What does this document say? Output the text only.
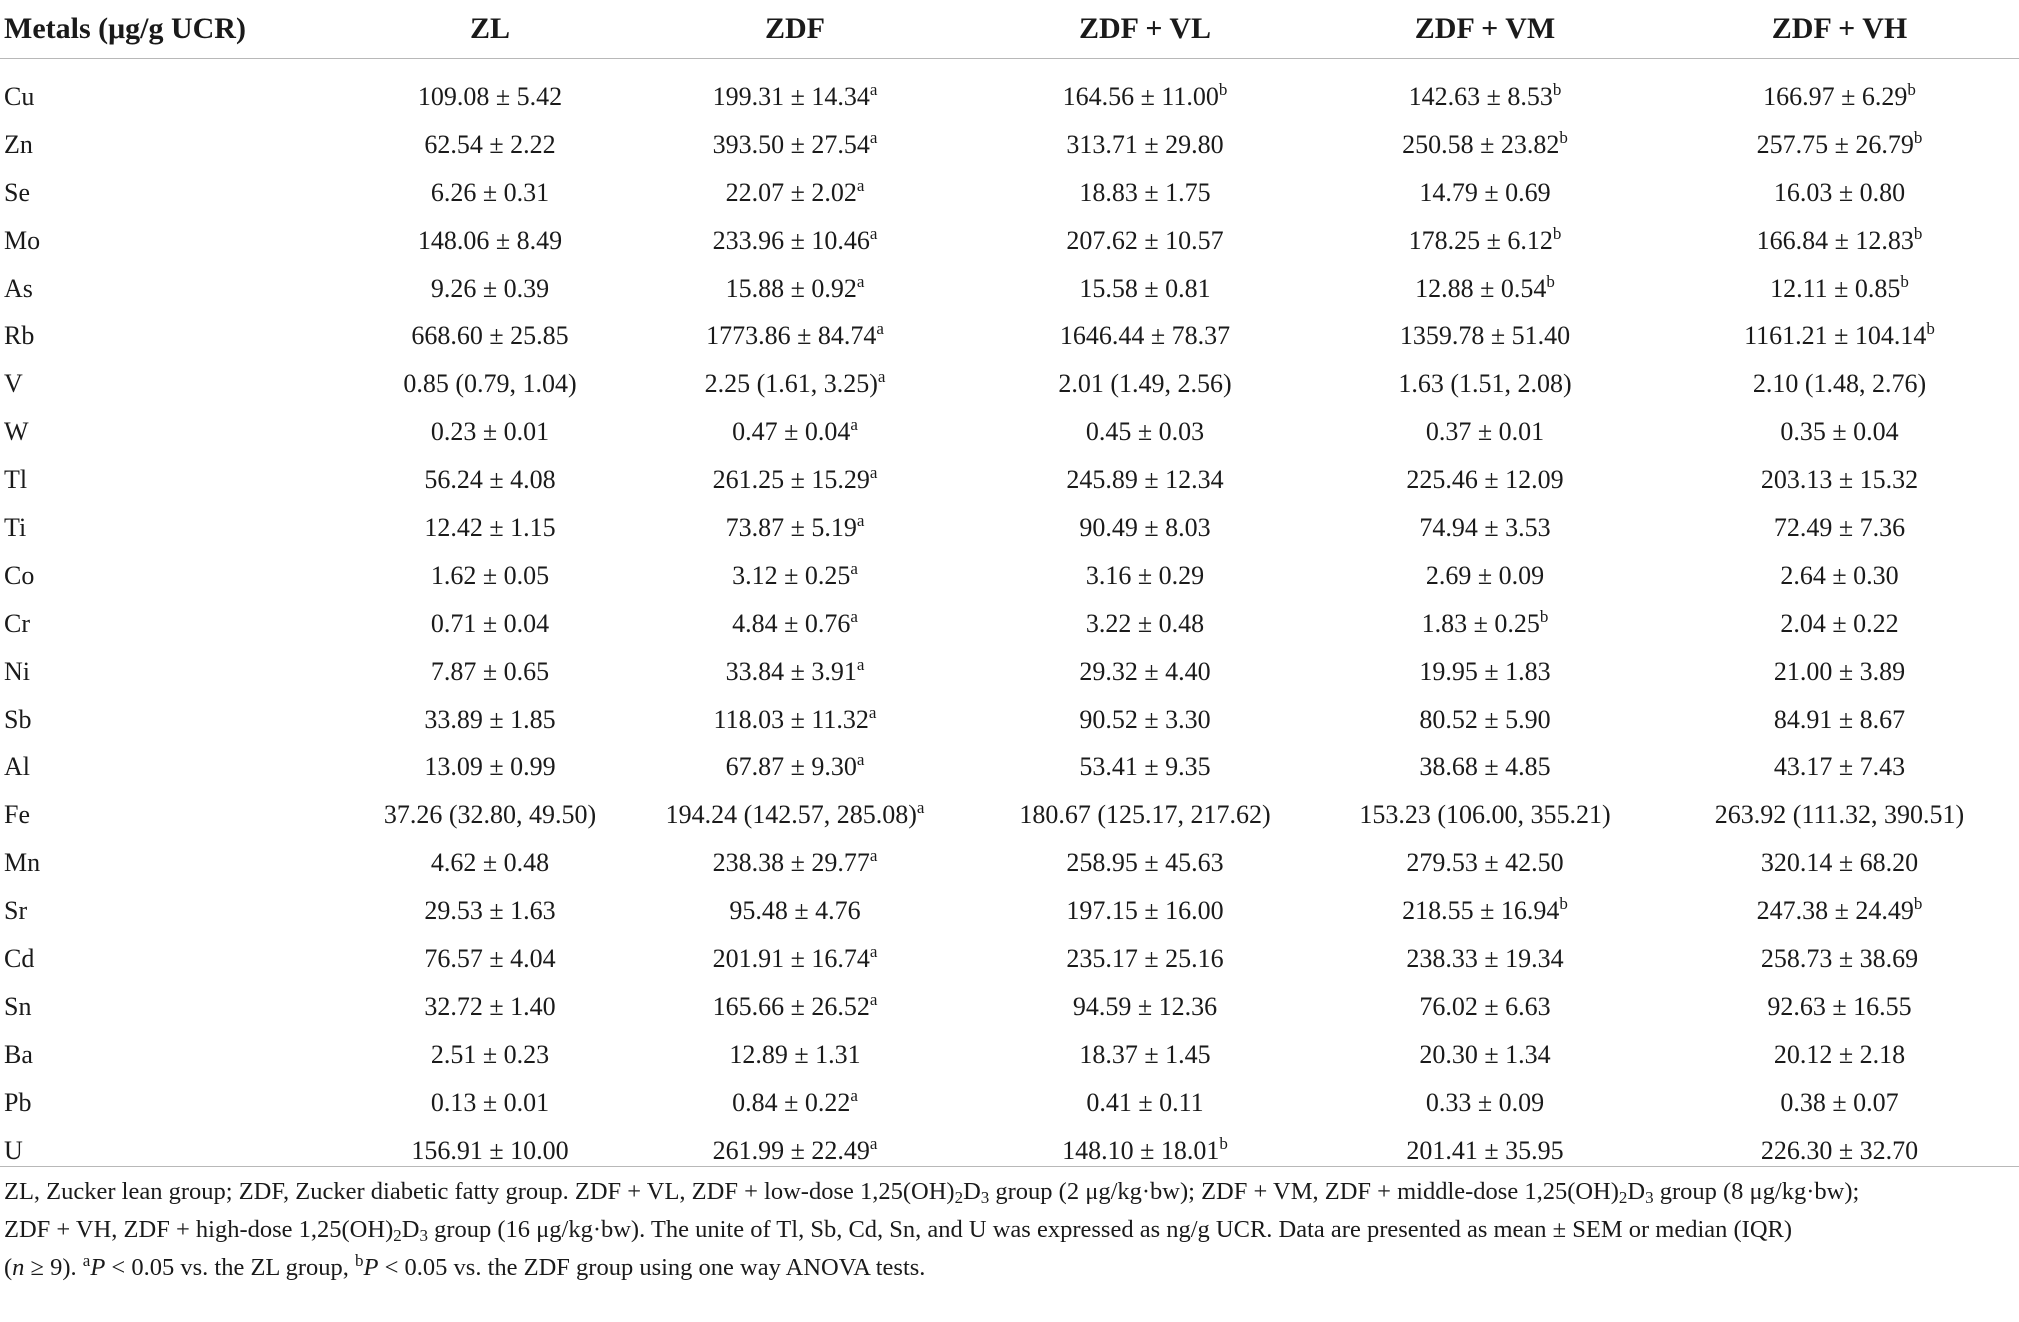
Metals (μg/g UCR)	ZL	ZDF	ZDF + VL	ZDF + VM	ZDF + VH
Cu	109.08 ± 5.42	199.31 ± 14.34$^a$	164.56 ± 11.00$^b$	142.63 ± 8.53$^b$	166.97 ± 6.29$^b$
Zn	62.54 ± 2.22	393.50 ± 27.54$^a$	313.71 ± 29.80	250.58 ± 23.82$^b$	257.75 ± 26.79$^b$
Se	6.26 ± 0.31	22.07 ± 2.02$^a$	18.83 ± 1.75	14.79 ± 0.69	16.03 ± 0.80
Mo	148.06 ± 8.49	233.96 ± 10.46$^a$	207.62 ± 10.57	178.25 ± 6.12$^b$	166.84 ± 12.83$^b$
As	9.26 ± 0.39	15.88 ± 0.92$^a$	15.58 ± 0.81	12.88 ± 0.54$^b$	12.11 ± 0.85$^b$
Rb	668.60 ± 25.85	1773.86 ± 84.74$^a$	1646.44 ± 78.37	1359.78 ± 51.40	1161.21 ± 104.14$^b$
V	0.85 (0.79, 1.04)	2.25 (1.61, 3.25)$^a$	2.01 (1.49, 2.56)	1.63 (1.51, 2.08)	2.10 (1.48, 2.76)
W	0.23 ± 0.01	0.47 ± 0.04$^a$	0.45 ± 0.03	0.37 ± 0.01	0.35 ± 0.04
Tl	56.24 ± 4.08	261.25 ± 15.29$^a$	245.89 ± 12.34	225.46 ± 12.09	203.13 ± 15.32
Ti	12.42 ± 1.15	73.87 ± 5.19$^a$	90.49 ± 8.03	74.94 ± 3.53	72.49 ± 7.36
Co	1.62 ± 0.05	3.12 ± 0.25$^a$	3.16 ± 0.29	2.69 ± 0.09	2.64 ± 0.30
Cr	0.71 ± 0.04	4.84 ± 0.76$^a$	3.22 ± 0.48	1.83 ± 0.25$^b$	2.04 ± 0.22
Ni	7.87 ± 0.65	33.84 ± 3.91$^a$	29.32 ± 4.40	19.95 ± 1.83	21.00 ± 3.89
Sb	33.89 ± 1.85	118.03 ± 11.32$^a$	90.52 ± 3.30	80.52 ± 5.90	84.91 ± 8.67
Al	13.09 ± 0.99	67.87 ± 9.30$^a$	53.41 ± 9.35	38.68 ± 4.85	43.17 ± 7.43
Fe	37.26 (32.80, 49.50)	194.24 (142.57, 285.08)$^a$	180.67 (125.17, 217.62)	153.23 (106.00, 355.21)	263.92 (111.32, 390.51)
Mn	4.62 ± 0.48	238.38 ± 29.77$^a$	258.95 ± 45.63	279.53 ± 42.50	320.14 ± 68.20
Sr	29.53 ± 1.63	95.48 ± 4.76	197.15 ± 16.00	218.55 ± 16.94$^b$	247.38 ± 24.49$^b$
Cd	76.57 ± 4.04	201.91 ± 16.74$^a$	235.17 ± 25.16	238.33 ± 19.34	258.73 ± 38.69
Sn	32.72 ± 1.40	165.66 ± 26.52$^a$	94.59 ± 12.36	76.02 ± 6.63	92.63 ± 16.55
Ba	2.51 ± 0.23	12.89 ± 1.31	18.37 ± 1.45	20.30 ± 1.34	20.12 ± 2.18
Pb	0.13 ± 0.01	0.84 ± 0.22$^a$	0.41 ± 0.11	0.33 ± 0.09	0.38 ± 0.07
U	156.91 ± 10.00	261.99 ± 22.49$^a$	148.10 ± 18.01$^b$	201.41 ± 35.95	226.30 ± 32.70

ZL, Zucker lean group; ZDF, Zucker diabetic fatty group. ZDF + VL, ZDF + low-dose $1,25(OH)_2D_3$ group (2 μg/kg·bw); ZDF + VM, ZDF + middle-dose $1,25(OH)_2D_3$ group (8 μg/kg·bw);

ZDF + VH, ZDF + high-dose $1,25(OH)_2D_3$ group (16 μg/kg·bw). The unite of Tl, Sb, Cd, Sn, and U was expressed as ng/g UCR. Data are presented as mean ± SEM or median (IQR)

(n ≥ 9). $^a$P < 0.05 vs. the ZL group, $^b$P < 0.05 vs. the ZDF group using one way ANOVA tests.
